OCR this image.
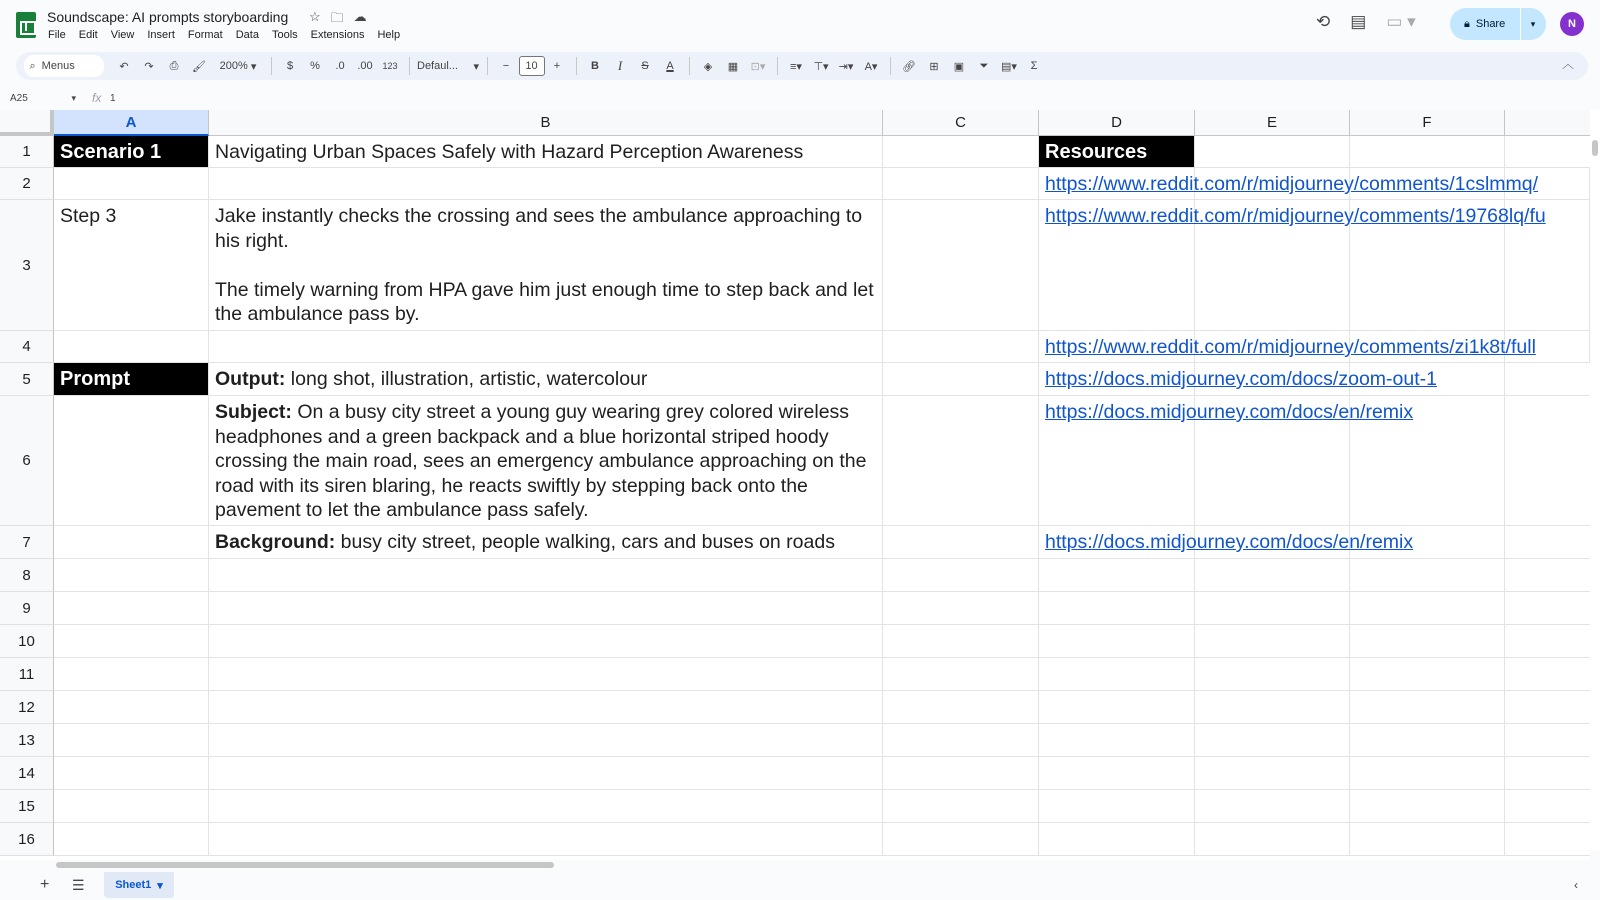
Soundscape: AI prompts storyboarding ☆ 🗀 ☁
File Edit View Insert Format Data Tools Extensions Help
⟲ ▤ ▭ ▾	🔒︎ Share	▾	N
⌕ Menus	↶	↷	⎙	🖌︎	200% ▾	$	%	.0	.00	123	Defaul... ▾	−	10	+	B	I	S	A	◈	▦	⊡▾	≡▾	⊤▾ ⇥▾	A▾	🔗︎	⊞	▣	⏷	▤▾	Σ	︿
A25 ▾	fx 1
A	B	C	D	E	F
1
2
3
4
5
6
7
8
9
10
11
12
13
14
15
16
Scenario 1	Navigating Urban Spaces Safely with Hazard Perception Awareness	Resources
https://www.reddit.com/r/midjourney/comments/1cslmmq/
Step 3	Jake instantly checks the crossing and sees the ambulance approaching to his right.
The timely warning from HPA gave him just enough time to step back and let the ambulance pass by.
https://www.reddit.com/r/midjourney/comments/19768lq/fu
https://www.reddit.com/r/midjourney/comments/zi1k8t/full
Prompt	Output: long shot, illustration, artistic, watercolour	https://docs.midjourney.com/docs/zoom-out-1
Subject: On a busy city street a young guy wearing grey colored wireless headphones and a green backpack and a blue horizontal striped hoody crossing the main road, sees an emergency ambulance approaching on the road with its siren blaring, he reacts swiftly by stepping back onto the pavement to let the ambulance pass safely.
https://docs.midjourney.com/docs/en/remix
Background: busy city street, people walking, cars and buses on roads	https://docs.midjourney.com/docs/en/remix
+ ☰	Sheet1 ▾	‹
